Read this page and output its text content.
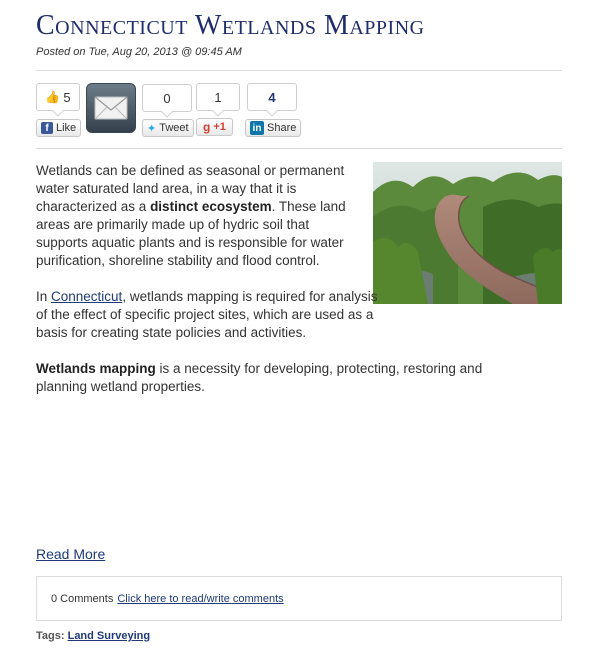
Connecticut Wetlands Mapping
Posted on Tue, Aug 20, 2013 @ 09:45 AM
👍 5
f Like
0
✦ Tweet
1
g +1
4
in Share
Wetlands can be defined as seasonal or permanent water saturated land area, in a way that it is characterized as a distinct ecosystem. These land areas are primarily made up of hydric soil that supports aquatic plants and is responsible for water purification, shoreline stability and flood control.
In Connecticut, wetlands mapping is required for analysis of the effect of specific project sites, which are used as a basis for creating state policies and activities.
Wetlands mapping is a necessity for developing, protecting, restoring and planning wetland properties.
Read More
0 Comments Click here to read/write comments
Tags: Land Surveying
